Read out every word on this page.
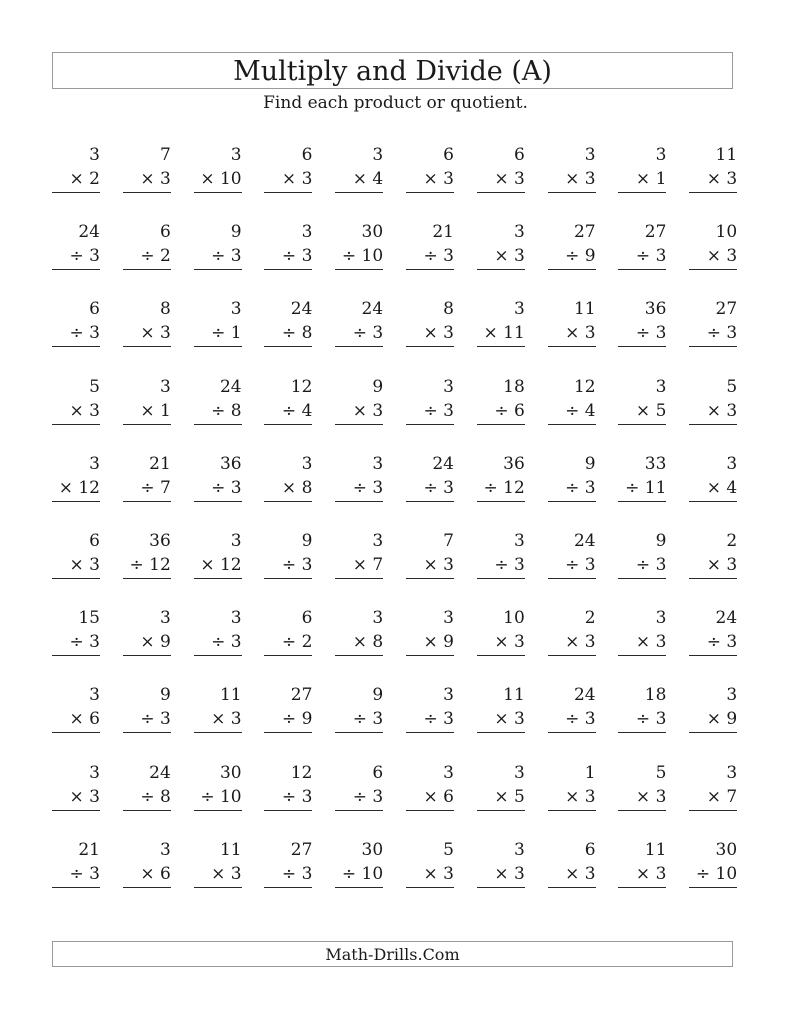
Multiply and Divide (A)
Find each product or quotient.
3
× 2
7
× 3
3
× 10
6
× 3
3
× 4
6
× 3
6
× 3
3
× 3
3
× 1
11
× 3
24
÷ 3
6
÷ 2
9
÷ 3
3
÷ 3
30
÷ 10
21
÷ 3
3
× 3
27
÷ 9
27
÷ 3
10
× 3
6
÷ 3
8
× 3
3
÷ 1
24
÷ 8
24
÷ 3
8
× 3
3
× 11
11
× 3
36
÷ 3
27
÷ 3
5
× 3
3
× 1
24
÷ 8
12
÷ 4
9
× 3
3
÷ 3
18
÷ 6
12
÷ 4
3
× 5
5
× 3
3
× 12
21
÷ 7
36
÷ 3
3
× 8
3
÷ 3
24
÷ 3
36
÷ 12
9
÷ 3
33
÷ 11
3
× 4
6
× 3
36
÷ 12
3
× 12
9
÷ 3
3
× 7
7
× 3
3
÷ 3
24
÷ 3
9
÷ 3
2
× 3
15
÷ 3
3
× 9
3
÷ 3
6
÷ 2
3
× 8
3
× 9
10
× 3
2
× 3
3
× 3
24
÷ 3
3
× 6
9
÷ 3
11
× 3
27
÷ 9
9
÷ 3
3
÷ 3
11
× 3
24
÷ 3
18
÷ 3
3
× 9
3
× 3
24
÷ 8
30
÷ 10
12
÷ 3
6
÷ 3
3
× 6
3
× 5
1
× 3
5
× 3
3
× 7
21
÷ 3
3
× 6
11
× 3
27
÷ 3
30
÷ 10
5
× 3
3
× 3
6
× 3
11
× 3
30
÷ 10
Math-Drills.Com
